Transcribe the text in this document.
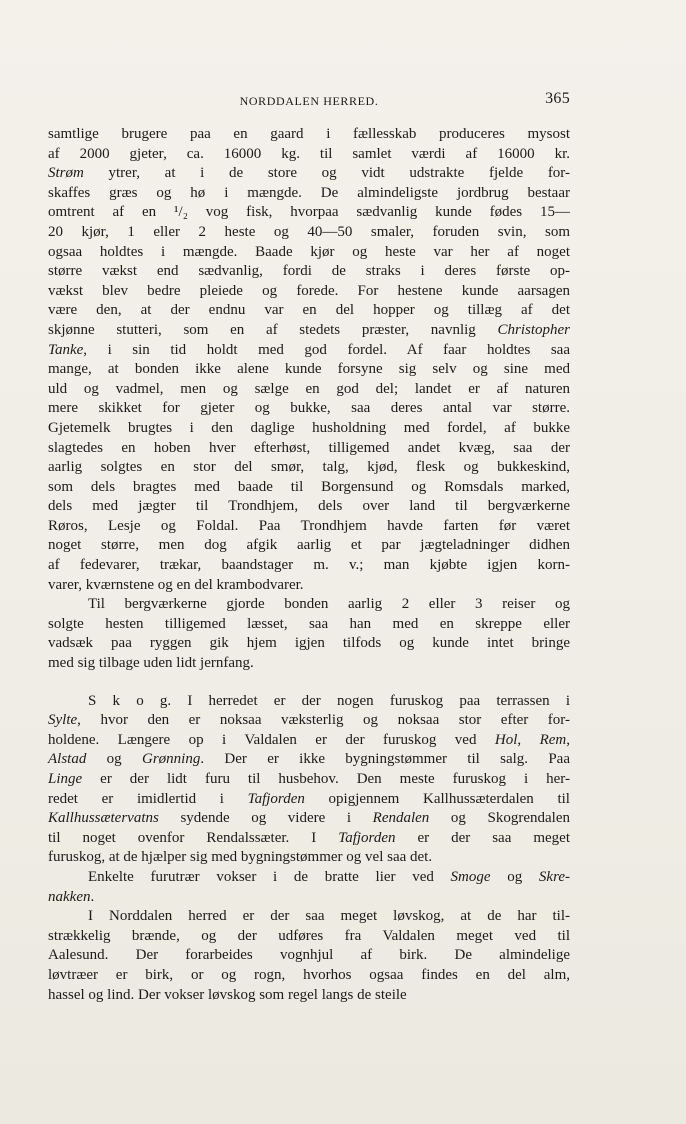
NORDDALEN HERRED.	365
samtlige brugere paa en gaard i fællesskab produceres mysost
af 2000 gjeter, ca. 16000 kg. til samlet værdi af 16000 kr.
Strøm ytrer, at i de store og vidt udstrakte fjelde for-
skaffes græs og hø i mængde. De almindeligste jordbrug bestaar
omtrent af en ¹/₂ vog fisk, hvorpaa sædvanlig kunde fødes 15—
20 kjør, 1 eller 2 heste og 40—50 smaler, foruden svin, som
ogsaa holdtes i mængde. Baade kjør og heste var her af noget
større vækst end sædvanlig, fordi de straks i deres første op-
vækst blev bedre pleiede og forede. For hestene kunde aarsagen
være den, at der endnu var en del hopper og tillæg af det
skjønne stutteri, som en af stedets præster, navnlig Christopher
Tanke, i sin tid holdt med god fordel. Af faar holdtes saa
mange, at bonden ikke alene kunde forsyne sig selv og sine med
uld og vadmel, men og sælge en god del; landet er af naturen
mere skikket for gjeter og bukke, saa deres antal var større.
Gjetemelk brugtes i den daglige husholdning med fordel, af bukke
slagtedes en hoben hver efterhøst, tilligemed andet kvæg, saa der
aarlig solgtes en stor del smør, talg, kjød, flesk og bukkeskind,
som dels bragtes med baade til Borgensund og Romsdals marked,
dels med jægter til Trondhjem, dels over land til bergværkerne
Røros, Lesje og Foldal. Paa Trondhjem havde farten før været
noget større, men dog afgik aarlig et par jægteladninger didhen
af fedevarer, trækar, baandstager m. v.; man kjøbte igjen korn-
varer, kværnstene og en del krambodvarer.
Til bergværkerne gjorde bonden aarlig 2 eller 3 reiser og
solgte hesten tilligemed læsset, saa han med en skreppe eller
vadsæk paa ryggen gik hjem igjen tilfods og kunde intet bringe
med sig tilbage uden lidt jernfang.
S k o g. I herredet er der nogen furuskog paa terrassen i
Sylte, hvor den er noksaa væksterlig og noksaa stor efter for-
holdene. Længere op i Valdalen er der furuskog ved Hol, Rem,
Alstad og Grønning. Der er ikke bygningstømmer til salg. Paa
Linge er der lidt furu til husbehov. Den meste furuskog i her-
redet er imidlertid i Tafjorden opigjennem Kallhussæterdalen til
Kallhussætervatns sydende og videre i Rendalen og Skogrendalen
til noget ovenfor Rendalssæter. I Tafjorden er der saa meget
furuskog, at de hjælper sig med bygningstømmer og vel saa det.
Enkelte furutrær vokser i de bratte lier ved Smoge og Skre-
nakken.
I Norddalen herred er der saa meget løvskog, at de har til-
strækkelig brænde, og der udføres fra Valdalen meget ved til
Aalesund. Der forarbeides vognhjul af birk. De almindelige
løvtræer er birk, or og rogn, hvorhos ogsaa findes en del alm,
hassel og lind. Der vokser løvskog som regel langs de steile
